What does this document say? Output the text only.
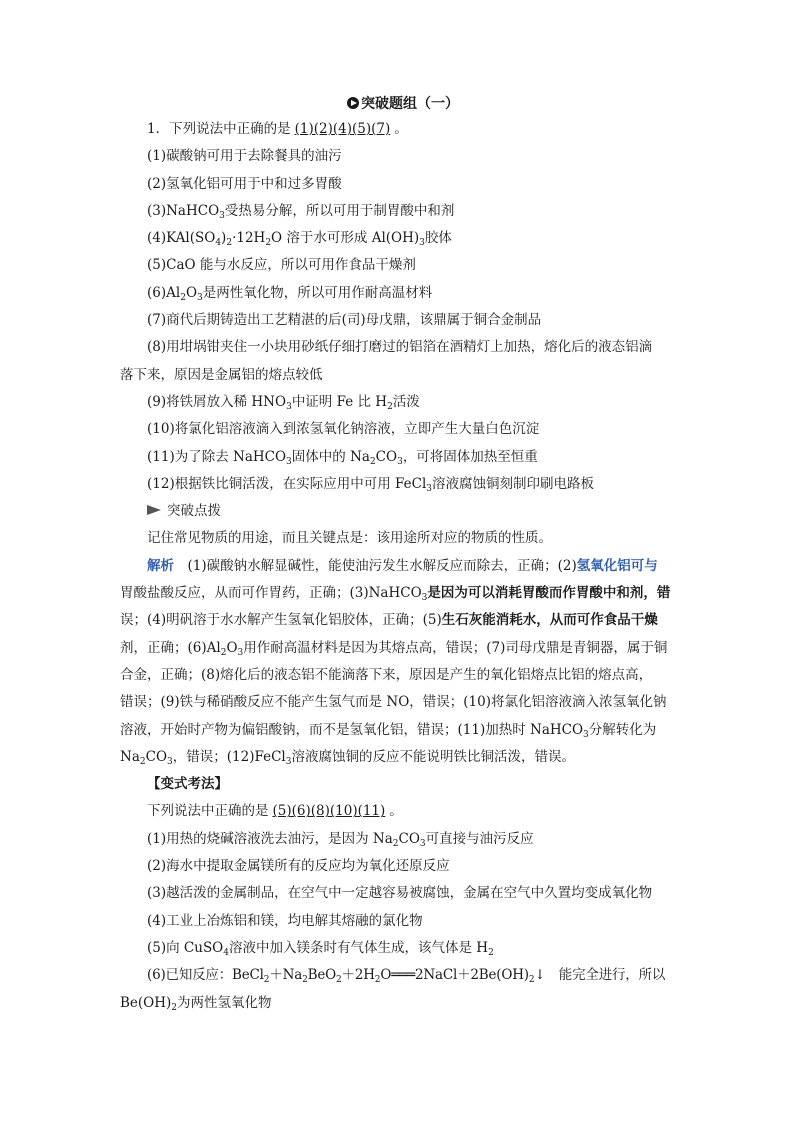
突破题组（一）
1．下列说法中正确的是 (1)(2)(4)(5)(7) 。
(1)碳酸钠可用于去除餐具的油污
(2)氢氧化铝可用于中和过多胃酸
(3)NaHCO$_3$受热易分解，所以可用于制胃酸中和剂
$(4)KAl(SO_4)_2\cdot 12H_2O$ 溶于水可形成 $Al(OH)_3$胶体
(5)CaO 能与水反应，所以可用作食品干燥剂
$(6)Al_2O_3$是两性氧化物，所以可用作耐高温材料
(7)商代后期铸造出工艺精湛的后(司)母戊鼎，该鼎属于铜合金制品
(8)用坩埚钳夹住一小块用砂纸仔细打磨过的铝箔在酒精灯上加热，熔化后的液态铝滴
落下来，原因是金属铝的熔点较低
(9)将铁屑放入稀 $HNO_3$中证明 Fe 比 $H_2$活泼
(10)将氯化铝溶液滴入到浓氢氧化钠溶液，立即产生大量白色沉淀
(11)为了除去 NaHCO$_3$固体中的 $Na_2CO_3$，可将固体加热至恒重
(12)根据铁比铜活泼，在实际应用中可用 FeCl$_3$溶液腐蚀铜刻制印刷电路板
突破点拨
记住常见物质的用途，而且关键点是：该用途所对应的物质的性质。
解析　 (1)碳酸钠水解显碱性，能使油污发生水解反应而除去，正确；(2)氢氧化铝可与
胃酸盐酸反应，从而可作胃药，正确；(3)NaHCO$_3$是因为可以消耗胃酸而作胃酸中和剂，错
误；(4)明矾溶于水水解产生氢氧化铝胶体，正确；(5)生石灰能消耗水，从而可作食品干燥
剂，正确；$(6)Al_2O_3$用作耐高温材料是因为其熔点高，错误；(7)司母戊鼎是青铜器，属于铜
合金，正确；(8)熔化后的液态铝不能滴落下来，原因是产生的氧化铝熔点比铝的熔点高，
错误；(9)铁与稀硝酸反应不能产生氢气而是 NO，错误；(10)将氯化铝溶液滴入浓氢氧化钠
溶液，开始时产物为偏铝酸钠，而不是氢氧化铝，错误；(11)加热时 NaHCO$_3$分解转化为
$Na_2CO_3$，错误；(12)FeCl$_3$溶液腐蚀铜的反应不能说明铁比铜活泼，错误。
【变式考法】
下列说法中正确的是 (5)(6)(8)(10)(11) 。
(1)用热的烧碱溶液洗去油污，是因为 $Na_2CO_3$可直接与油污反应
(2)海水中提取金属镁所有的反应均为氧化还原反应
(3)越活泼的金属制品，在空气中一定越容易被腐蚀，金属在空气中久置均变成氧化物
(4)工业上冶炼铝和镁，均电解其熔融的氯化物
(5)向 CuSO$_4$溶液中加入镁条时有气体生成，该气体是 $H_2$
(6)已知反应：$BeCl_2+Na_2BeO_2+2H_2O═══2NaCl+2Be(OH)_2↓$　能完全进行，所以
$Be(OH)_2$为两性氢氧化物
